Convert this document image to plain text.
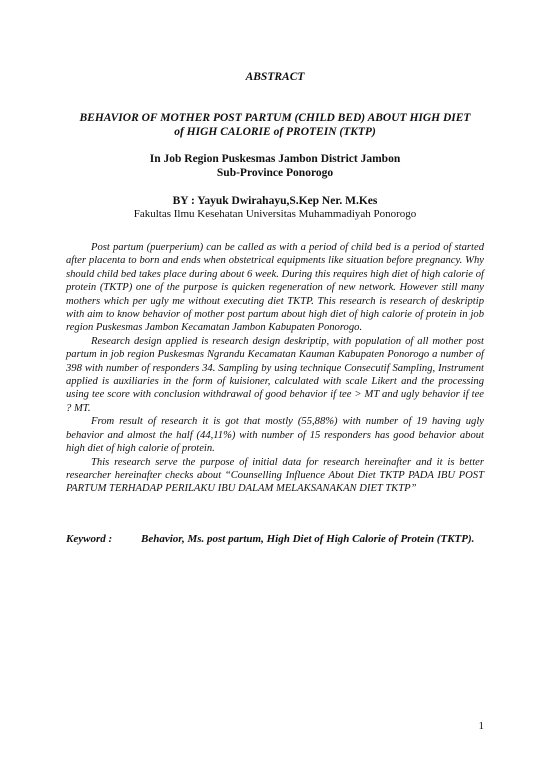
ABSTRACT
BEHAVIOR OF MOTHER POST PARTUM (CHILD BED) ABOUT HIGH DIET
of HIGH CALORIE of PROTEIN (TKTP)
In Job Region Puskesmas Jambon District Jambon
Sub-Province Ponorogo
BY : Yayuk Dwirahayu,S.Kep Ner. M.Kes
Fakultas Ilmu Kesehatan Universitas Muhammadiyah Ponorogo

Post partum (puerperium) can be called as with a period of child bed is a period of started after placenta to born and ends when obstetrical equipments like situation before pregnancy. Why should child bed takes place during about 6 week. During this requires high diet of high calorie of protein (TKTP) one of the purpose is quicken regeneration of new network. However still many mothers which per ugly me without executing diet TKTP. This research is research of deskriptip with aim to know behavior of mother post partum about high diet of high calorie of protein in job region Puskesmas Jambon Kecamatan Jambon Kabupaten Ponorogo.

Research design applied is research design deskriptip, with population of all mother post partum in job region Puskesmas Ngrandu Kecamatan Kauman Kabupaten Ponorogo a number of 398 with number of responders 34. Sampling by using technique Consecutif Sampling, Instrument applied is auxiliaries in the form of kuisioner, calculated with scale Likert and the processing using tee score with conclusion withdrawal of good behavior if tee > MT and ugly behavior if tee ? MT.

From result of research it is got that mostly (55,88%) with number of 19 having ugly behavior and almost the half (44,11%) with number of 15 responders has good behavior about high diet of high calorie of protein.

This research serve the purpose of initial data for research hereinafter and it is better researcher hereinafter checks about “Counselling Influence About Diet TKTP PADA IBU POST PARTUM TERHADAP PERILAKU IBU DALAM MELAKSANAKAN DIET TKTP”

Keyword :	Behavior, Ms. post partum, High Diet of High Calorie of Protein (TKTP).
1
